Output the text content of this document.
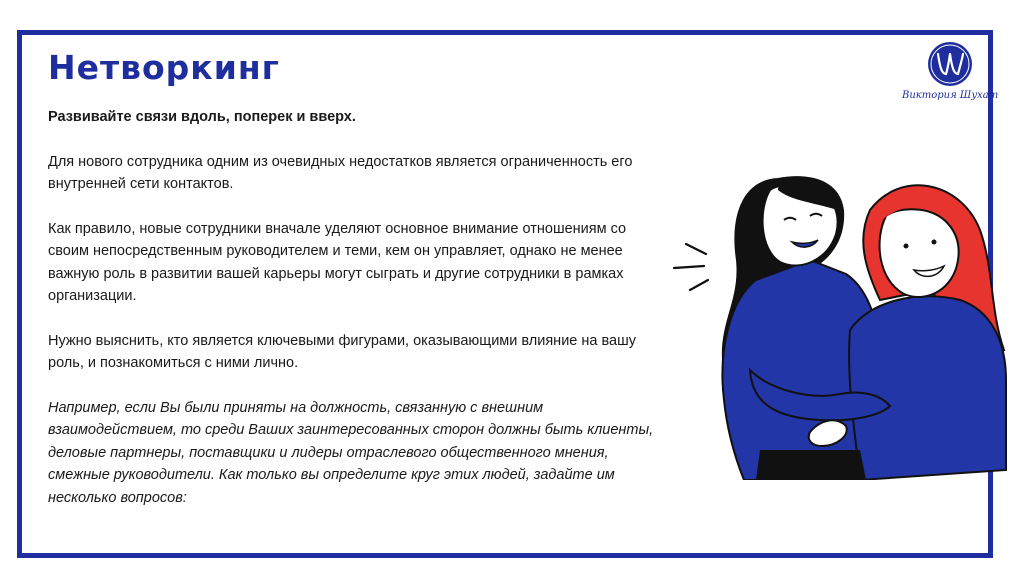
Нетворкинг
Виктория Шухат

Развивайте связи вдоль, поперек и вверх.

Для нового сотрудника одним из очевидных недостатков является ограниченность его внутренней сети контактов.

Как правило, новые сотрудники вначале уделяют основное внимание отношениям со своим непосредственным руководителем и теми, кем он управляет, однако не менее важную роль в развитии вашей карьеры могут сыграть и другие сотрудники в рамках организации.

Нужно выяснить, кто является ключевыми фигурами, оказывающими влияние на вашу роль, и познакомиться с ними лично.

Например, если Вы были приняты на должность, связанную с внешним взаимодействием, то среди Ваших заинтересованных сторон должны быть клиенты, деловые партнеры, поставщики и лидеры отраслевого общественного мнения, смежные руководители. Как только вы определите круг этих людей, задайте им несколько вопросов:
